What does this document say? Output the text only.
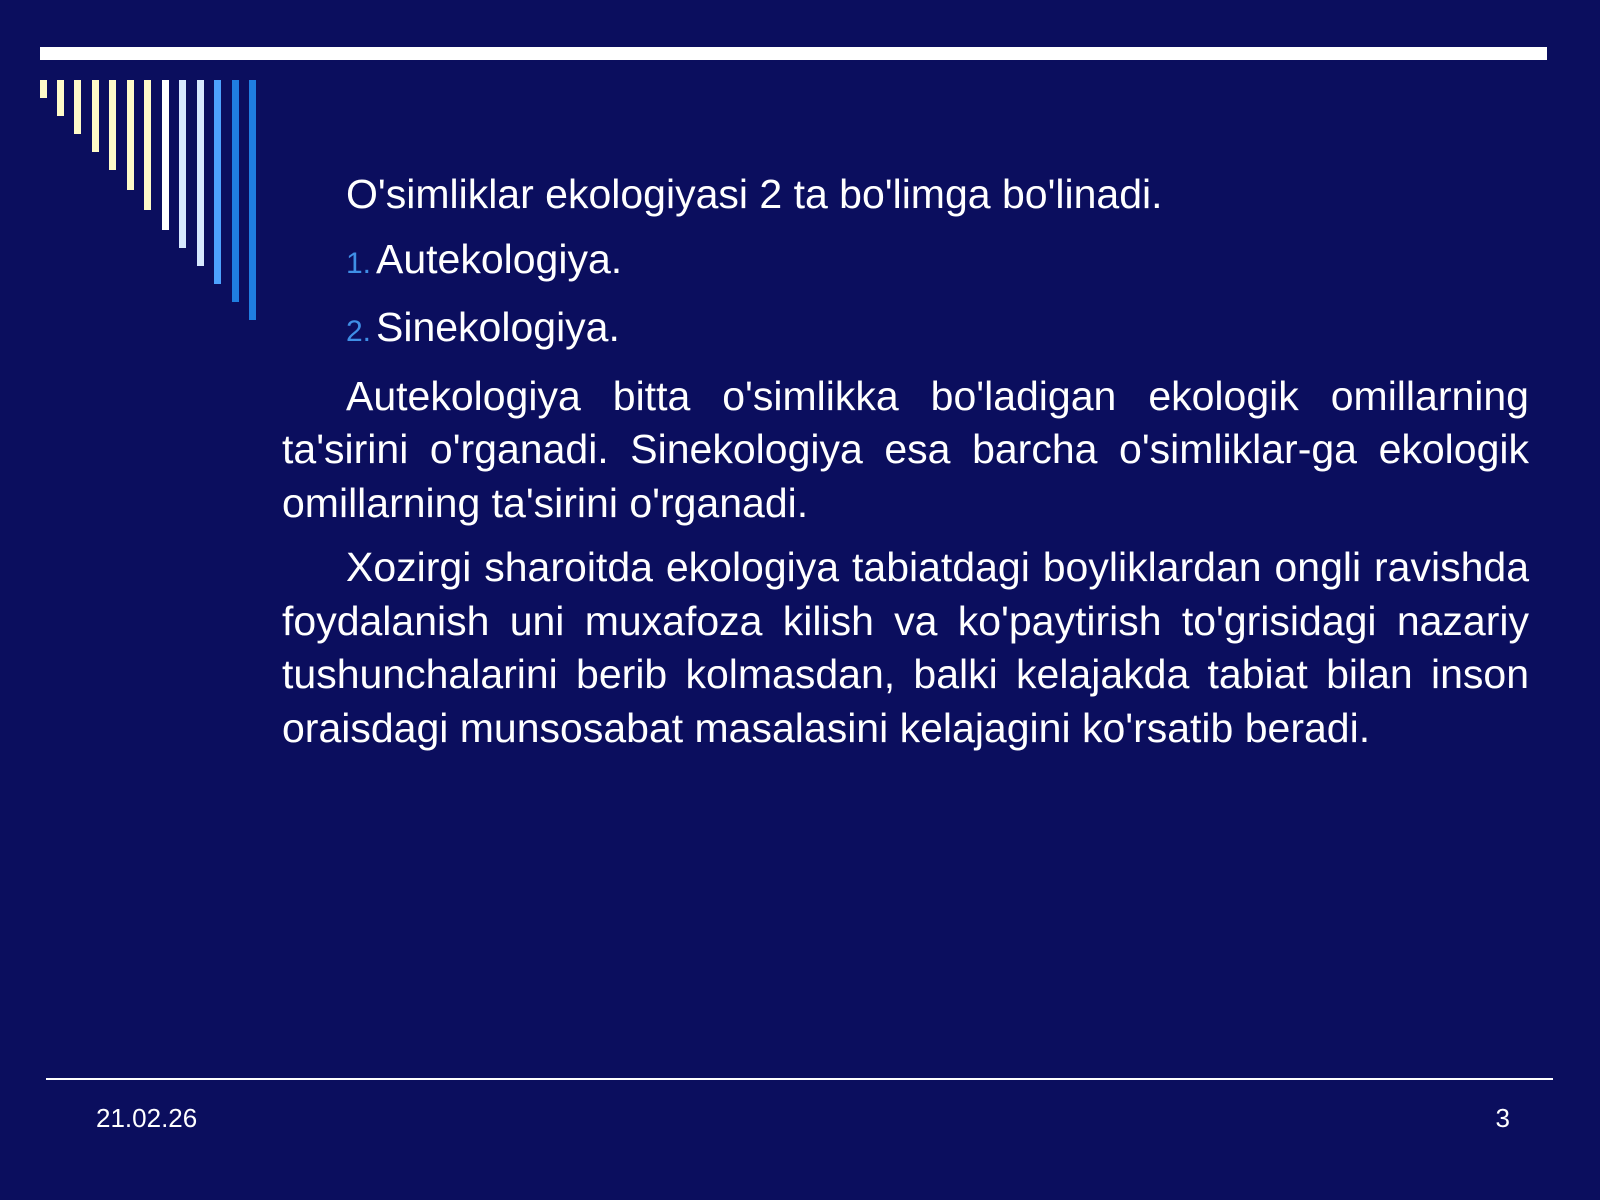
O'simliklar ekologiyasi 2 ta bo'limga bo'linadi.

1. Autekologiya.
2. Sinekologiya.

Autekologiya bitta o'simlikka bo'ladigan ekologik omillarning ta'sirini o'rganadi. Sinekologiya esa barcha o'simliklar-ga ekologik omillarning ta'sirini o'rganadi.

Xozirgi sharoitda ekologiya tabiatdagi boyliklardan ongli ravishda foydalanish uni muxafoza kilish va ko'paytirish to'grisidagi nazariy tushunchalarini berib kolmasdan, balki kelajakda tabiat bilan inson oraisdagi munsosabat masalasini kelajagini ko'rsatib beradi.

21.02.26	3
